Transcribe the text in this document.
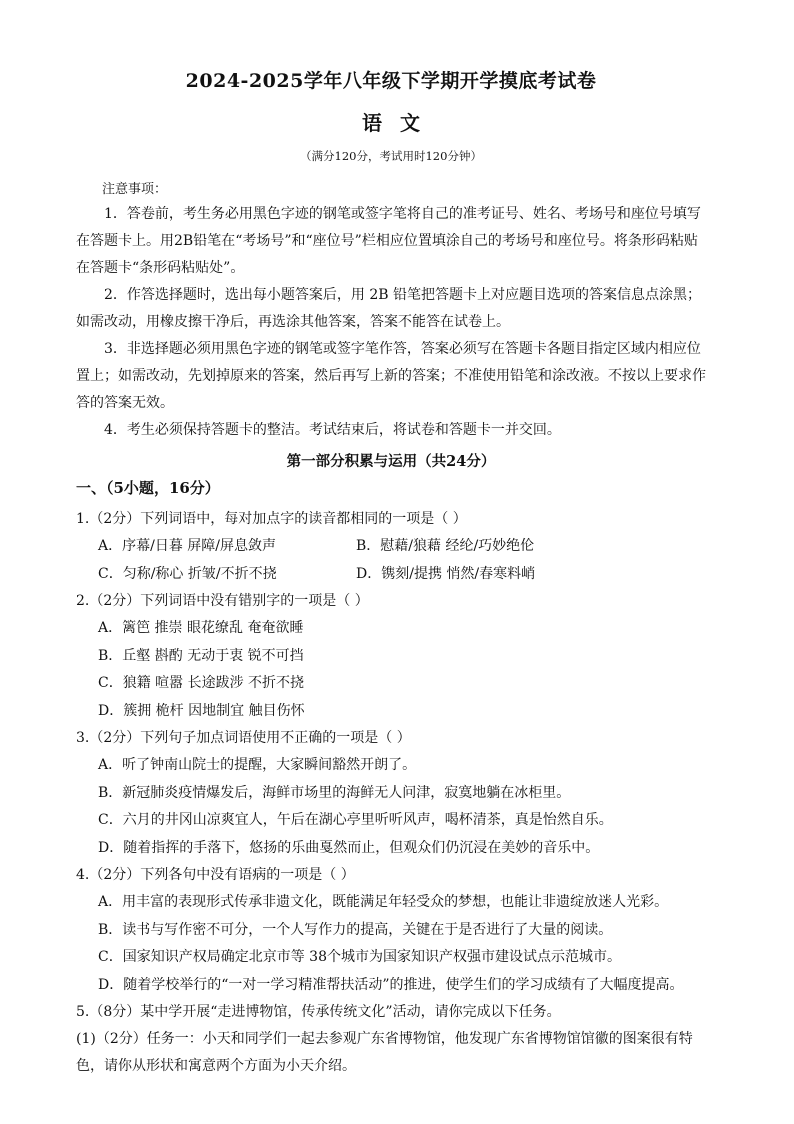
2024-2025学年八年级下学期开学摸底考试卷
语文
（满分120分，考试用时120分钟）
注意事项：

1．答卷前，考生务必用黑色字迹的钢笔或签字笔将自己的准考证号、姓名、考场号和座位号填写在答题卡上。用2B铅笔在“考场号”和“座位号”栏相应位置填涂自己的考场号和座位号。将条形码粘贴在答题卡“条形码粘贴处”。

2．作答选择题时，选出每小题答案后，用 2B 铅笔把答题卡上对应题目选项的答案信息点涂黑；如需改动，用橡皮擦干净后，再选涂其他答案，答案不能答在试卷上。

3．非选择题必须用黑色字迹的钢笔或签字笔作答，答案必须写在答题卡各题目指定区域内相应位置上；如需改动，先划掉原来的答案，然后再写上新的答案；不准使用铅笔和涂改液。不按以上要求作答的答案无效。

4．考生必须保持答题卡的整洁。考试结束后，将试卷和答题卡一并交回。

第一部分积累与运用（共24分）
一、（5小题，16分）

1.（2分）下列词语中，每对加点字的读音都相同的一项是（ ）

A．序幕/日暮 屏障/屏息敛声	B．慰藉/狼藉 经纶/巧妙绝伦
C．匀称/称心 折皱/不折不挠	D．镌刻/提携 悄然/春寒料峭

2.（2分）下列词语中没有错别字的一项是（ ）

A．篱笆 推崇 眼花缭乱 奄奄欲睡
B．丘壑 斟酌 无动于衷 锐不可挡
C．狼籍 喧嚣 长途跋涉 不折不挠
D．簇拥 桅杆 因地制宜 触目伤怀

3.（2分）下列句子加点词语使用不正确的一项是（ ）

A．听了钟南山院士的提醒，大家瞬间豁然开朗了。
B．新冠肺炎疫情爆发后，海鲜市场里的海鲜无人问津，寂寞地躺在冰柜里。
C．六月的井冈山凉爽宜人，午后在湖心亭里听听风声，喝杯清茶，真是怡然自乐。
D．随着指挥的手落下，悠扬的乐曲戛然而止，但观众们仍沉浸在美妙的音乐中。

4.（2分）下列各句中没有语病的一项是（ ）

A．用丰富的表现形式传承非遗文化，既能满足年轻受众的梦想，也能让非遗绽放迷人光彩。
B．读书与写作密不可分，一个人写作力的提高，关键在于是否进行了大量的阅读。
C．国家知识产权局确定北京市等 38个城市为国家知识产权强市建设试点示范城市。
D．随着学校举行的“一对一学习精准帮扶活动”的推进，使学生们的学习成绩有了大幅度提高。

5.（8分）某中学开展“走进博物馆，传承传统文化”活动，请你完成以下任务。

(1)（2分）任务一：小天和同学们一起去参观广东省博物馆，他发现广东省博物馆馆徽的图案很有特色，请你从形状和寓意两个方面为小天介绍。
